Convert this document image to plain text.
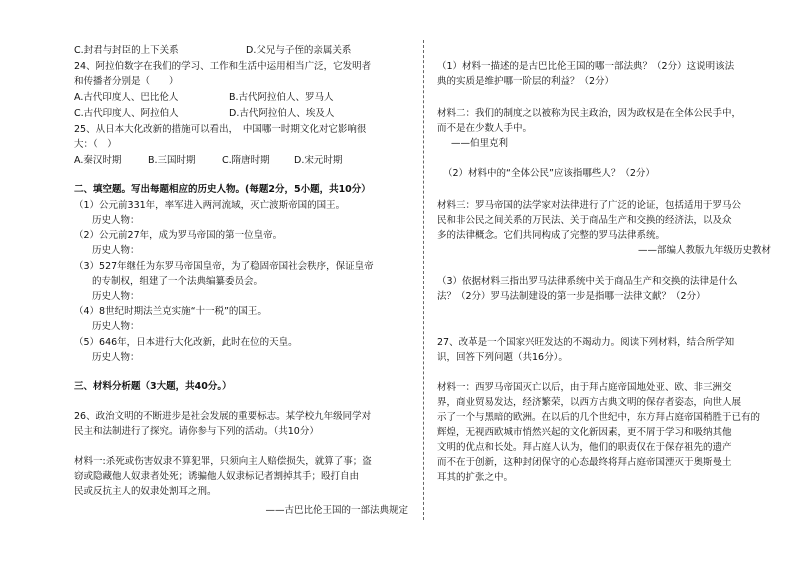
C.封君与封臣的上下关系	D.父兄与子侄的亲属关系
24、阿拉伯数字在我们的学习、工作和生活中运用相当广泛，它发明者
和传播者分别是（　　）
A.古代印度人、巴比伦人	B.古代阿拉伯人、罗马人
C.古代印度人、阿拉伯人	D.古代阿拉伯人、埃及人
25、从日本大化改新的措施可以看出，　中国哪一时期文化对它影响很
大：（　）
A.秦汉时期	B.三国时期	C.隋唐时期	D.宋元时期
二、填空题。写出每题相应的历史人物。(每题2分，5小题，共10分）
（1）公元前331年，率军进入两河流域，灭亡波斯帝国的国王。
历史人物：
（2）公元前27年，成为罗马帝国的第一位皇帝。
历史人物：
（3）527年继任为东罗马帝国皇帝，为了稳固帝国社会秩序，保证皇帝
的专制权，组建了一个法典编纂委员会。
历史人物：
（4）8世纪时期法兰克实施“十一税”的国王。
历史人物：
（5）646年，日本进行大化改新，此时在位的天皇。
历史人物：
三、材料分析题（3大题，共40分。）
26、政治文明的不断进步是社会发展的重要标志。某学校九年级同学对
民主和法制进行了探究。请你参与下列的活动。（共10分）
材料一:杀死或伤害奴隶不算犯罪，只须向主人赔偿损失，就算了事；盗
窃或隐藏他人奴隶者处死；诱骗他人奴隶标记者割掉其手；殴打自由
民或反抗主人的奴隶处割耳之刑。
——古巴比伦王国的一部法典规定
（1）材料一描述的是古巴比伦王国的哪一部法典？（2分）这说明该法
典的实质是维护哪一阶层的利益？（2分）
材料二：我们的制度之以被称为民主政治，因为政权是在全体公民手中，
而不是在少数人手中。
——伯里克利
（2）材料中的“全体公民”应该指哪些人？（2分）
材料三：罗马帝国的法学家对法律进行了广泛的论证，包括适用于罗马公
民和非公民之间关系的万民法、关于商品生产和交换的经济法，以及众
多的法律概念。它们共同构成了完整的罗马法律系统。
——部编人教版九年级历史教材
（3）依据材料三指出罗马法律系统中关于商品生产和交换的法律是什么
法？（2分）罗马法制建设的第一步是指哪一法律文献？（2分）
27、改革是一个国家兴旺发达的不竭动力。阅读下列材料，结合所学知
识，回答下列问题（共16分）。
材料一：西罗马帝国灭亡以后，由于拜占庭帝国地处亚、欧、非三洲交
界，商业贸易发达，经济繁荣，以西方古典文明的保存者姿态，向世人展
示了一个与黑暗的欧洲。在以后的几个世纪中，东方拜占庭帝国稍胜于已有的
辉煌，无视西欧城市悄然兴起的文化新因素，更不屑于学习和吸纳其他
文明的优点和长处。拜占庭人认为，他们的职责仅在于保存祖先的遗产
而不在于创新，这种封闭保守的心态最终将拜占庭帝国湮灭于奥斯曼土
耳其的扩张之中。
